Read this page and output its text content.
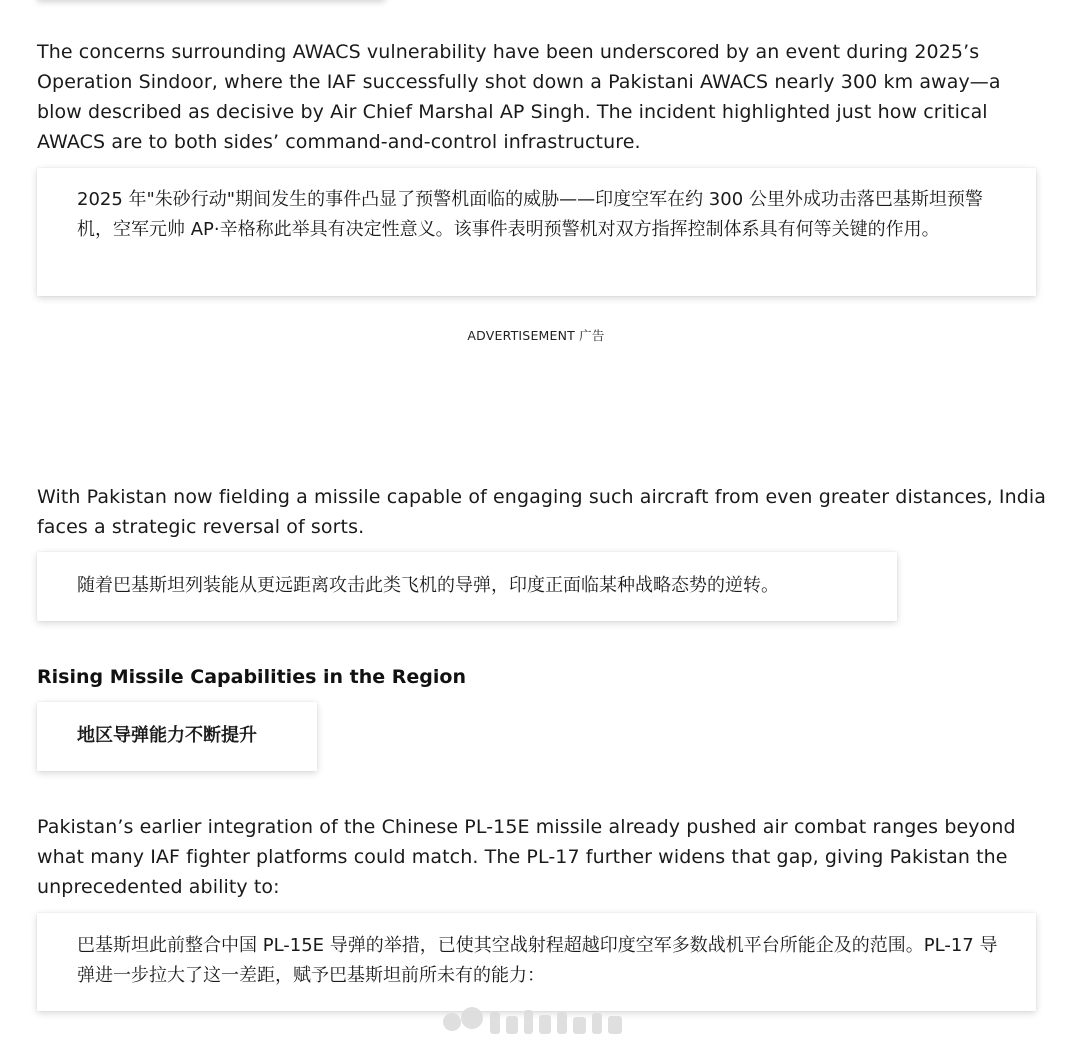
The concerns surrounding AWACS vulnerability have been underscored by an event during 2025’s Operation Sindoor, where the IAF successfully shot down a Pakistani AWACS nearly 300 km away—a blow described as decisive by Air Chief Marshal AP Singh. The incident highlighted just how critical AWACS are to both sides’ command-and-control infrastructure.

2025 年"朱砂行动"期间发生的事件凸显了预警机面临的威胁——印度空军在约 300 公里外成功击落巴基斯坦预警机，空军元帅 AP·辛格称此举具有决定性意义。该事件表明预警机对双方指挥控制体系具有何等关键的作用。

ADVERTISEMENT 广告

With Pakistan now fielding a missile capable of engaging such aircraft from even greater distances, India faces a strategic reversal of sorts.

随着巴基斯坦列装能从更远距离攻击此类飞机的导弹，印度正面临某种战略态势的逆转。

Rising Missile Capabilities in the Region

地区导弹能力不断提升

Pakistan’s earlier integration of the Chinese PL-15E missile already pushed air combat ranges beyond what many IAF fighter platforms could match. The PL-17 further widens that gap, giving Pakistan the unprecedented ability to:

巴基斯坦此前整合中国 PL-15E 导弹的举措，已使其空战射程超越印度空军多数战机平台所能企及的范围。PL-17 导弹进一步拉大了这一差距，赋予巴基斯坦前所未有的能力：
